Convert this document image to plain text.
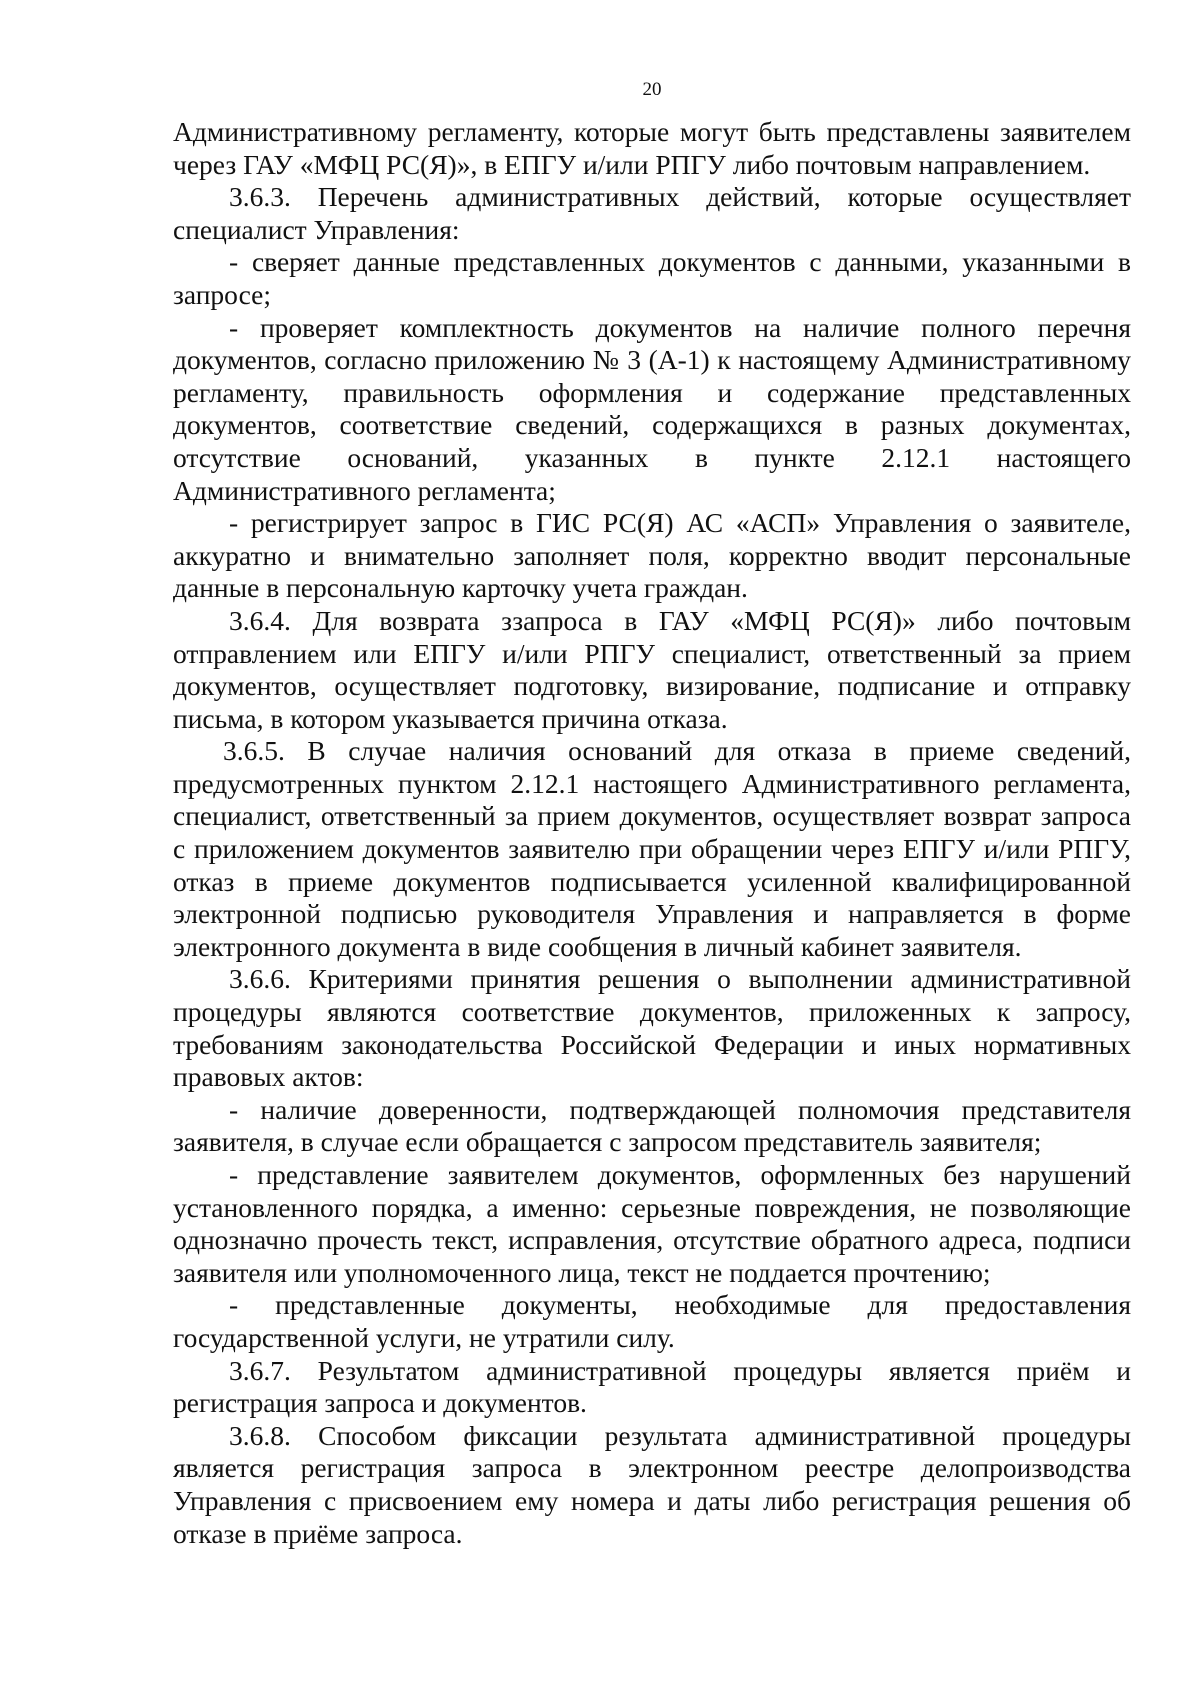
20

Административному регламенту, которые могут быть представлены заявителем через ГАУ «МФЦ РС(Я)», в ЕПГУ и/или РПГУ либо почтовым направлением.

3.6.3. Перечень административных действий, которые осуществляет специалист Управления:

- сверяет данные представленных документов с данными, указанными в запросе;

- проверяет комплектность документов на наличие полного перечня документов, согласно приложению № 3 (А-1) к настоящему Административному регламенту, правильность оформления и содержание представленных документов, соответствие сведений, содержащихся в разных документах, отсутствие оснований, указанных в пункте 2.12.1 настоящего Административного регламента;

- регистрирует запрос в ГИС РС(Я) АС «АСП» Управления о заявителе, аккуратно и внимательно заполняет поля, корректно вводит персональные данные в персональную карточку учета граждан.

3.6.4. Для возврата ззапроса в ГАУ «МФЦ РС(Я)» либо почтовым отправлением или ЕПГУ и/или РПГУ специалист, ответственный за прием документов, осуществляет подготовку, визирование, подписание и отправку письма, в котором указывается причина отказа.

3.6.5. В случае наличия оснований для отказа в приеме сведений, предусмотренных пунктом 2.12.1 настоящего Административного регламента, специалист, ответственный за прием документов, осуществляет возврат запроса с приложением документов заявителю при обращении через ЕПГУ и/или РПГУ, отказ в приеме документов подписывается усиленной квалифицированной электронной подписью руководителя Управления и направляется в форме электронного документа в виде сообщения в личный кабинет заявителя.

3.6.6. Критериями принятия решения о выполнении административной процедуры являются соответствие документов, приложенных к запросу, требованиям законодательства Российской Федерации и иных нормативных правовых актов:

- наличие доверенности, подтверждающей полномочия представителя заявителя, в случае если обращается с запросом представитель заявителя;

- представление заявителем документов, оформленных без нарушений установленного порядка, а именно: серьезные повреждения, не позволяющие однозначно прочесть текст, исправления, отсутствие обратного адреса, подписи заявителя или уполномоченного лица, текст не поддается прочтению;

- представленные документы, необходимые для предоставления государственной услуги, не утратили силу.

3.6.7. Результатом административной процедуры является приём и регистрация запроса и документов.

3.6.8. Способом фиксации результата административной процедуры является регистрация запроса в электронном реестре делопроизводства Управления с присвоением ему номера и даты либо регистрация решения об отказе в приёме запроса.
